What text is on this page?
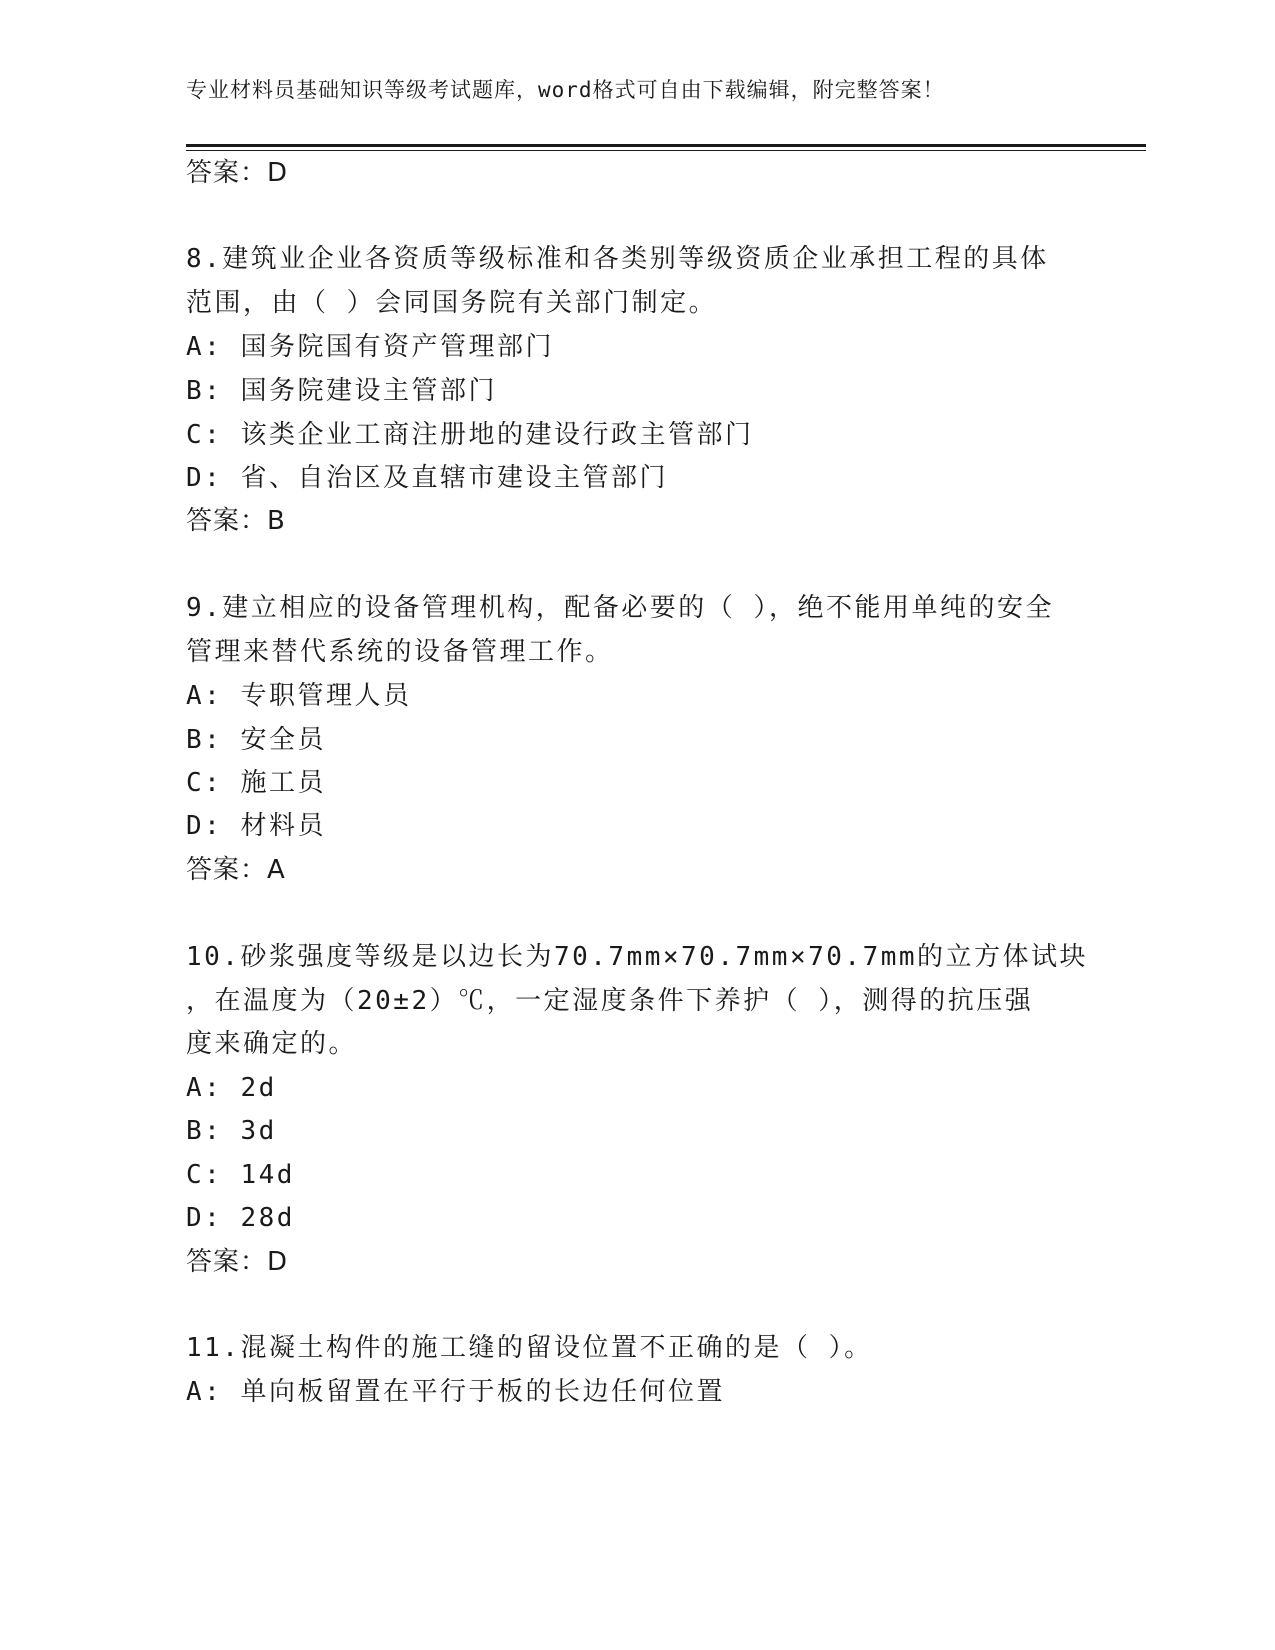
专业材料员基础知识等级考试题库，word格式可自由下载编辑，附完整答案！
答案：D
8.建筑业企业各资质等级标准和各类别等级资质企业承担工程的具体
范围，由（ ）会同国务院有关部门制定。
A: 国务院国有资产管理部门
B: 国务院建设主管部门
C: 该类企业工商注册地的建设行政主管部门
D: 省、自治区及直辖市建设主管部门
答案：B
9.建立相应的设备管理机构，配备必要的（ ），绝不能用单纯的安全
管理来替代系统的设备管理工作。
A: 专职管理人员
B: 安全员
C: 施工员
D: 材料员
答案：A
10.砂浆强度等级是以边长为70.7mm×70.7mm×70.7mm的立方体试块
，在温度为（20±2）℃，一定湿度条件下养护（ ），测得的抗压强
度来确定的。
A: 2d
B: 3d
C: 14d
D: 28d
答案：D
11.混凝土构件的施工缝的留设位置不正确的是（ ）。
A: 单向板留置在平行于板的长边任何位置
